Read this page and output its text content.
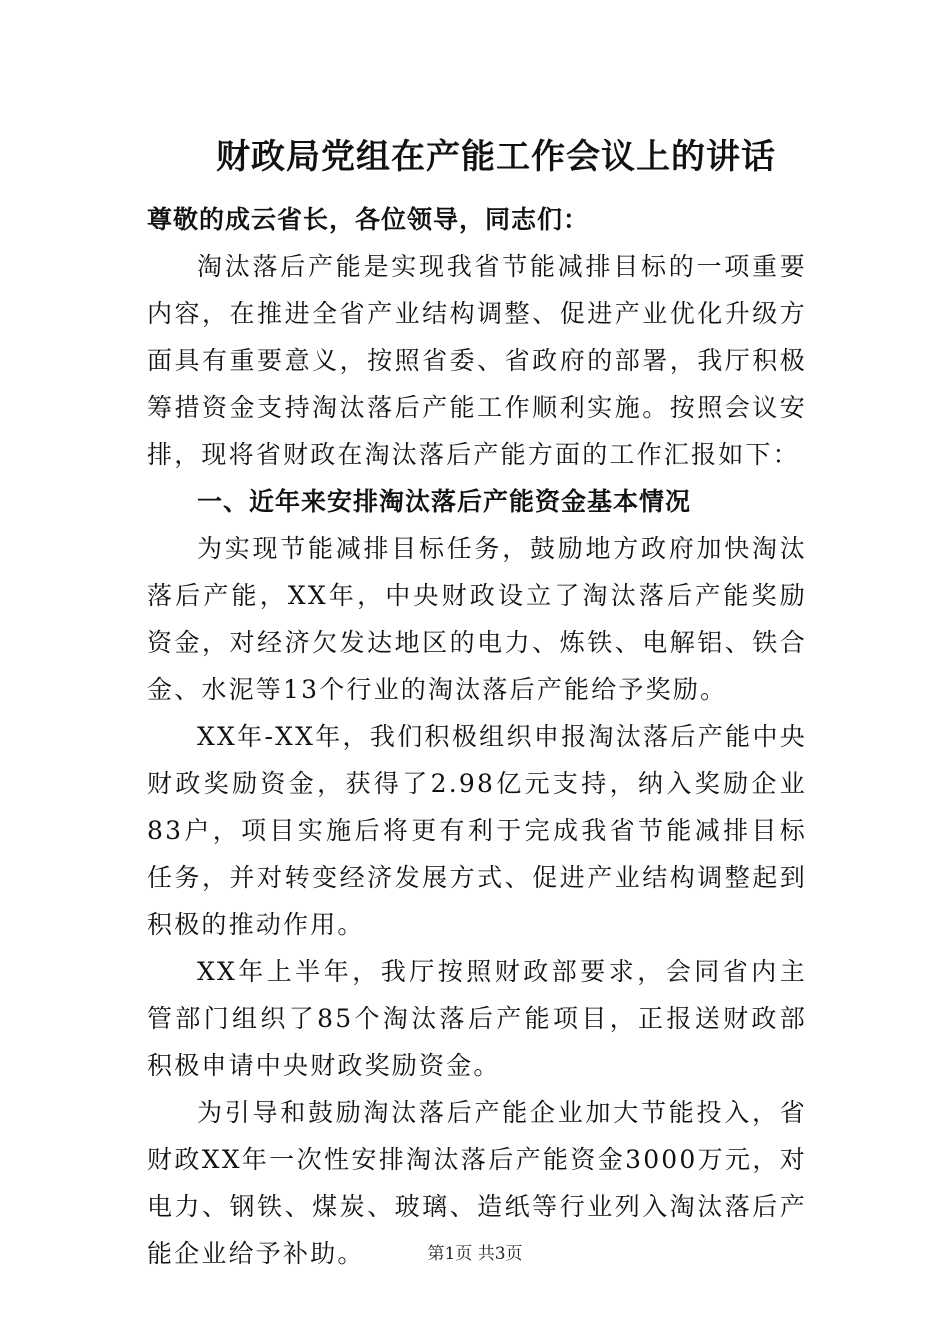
财政局党组在产能工作会议上的讲话

尊敬的成云省长，各位领导，同志们：

淘汰落后产能是实现我省节能减排目标的一项重要内容，在推进全省产业结构调整、促进产业优化升级方面具有重要意义，按照省委、省政府的部署，我厅积极筹措资金支持淘汰落后产能工作顺利实施。按照会议安排，现将省财政在淘汰落后产能方面的工作汇报如下：

一、近年来安排淘汰落后产能资金基本情况

为实现节能减排目标任务，鼓励地方政府加快淘汰落后产能，XX年，中央财政设立了淘汰落后产能奖励资金，对经济欠发达地区的电力、炼铁、电解铝、铁合金、水泥等13个行业的淘汰落后产能给予奖励。

XX年-XX年，我们积极组织申报淘汰落后产能中央财政奖励资金，获得了2.98亿元支持，纳入奖励企业83户，项目实施后将更有利于完成我省节能减排目标任务，并对转变经济发展方式、促进产业结构调整起到积极的推动作用。

XX年上半年，我厅按照财政部要求，会同省内主管部门组织了85个淘汰落后产能项目，正报送财政部积极申请中央财政奖励资金。

为引导和鼓励淘汰落后产能企业加大节能投入，省财政XX年一次性安排淘汰落后产能资金3000万元，对电力、钢铁、煤炭、玻璃、造纸等行业列入淘汰落后产能企业给予补助。	第1页 共3页
